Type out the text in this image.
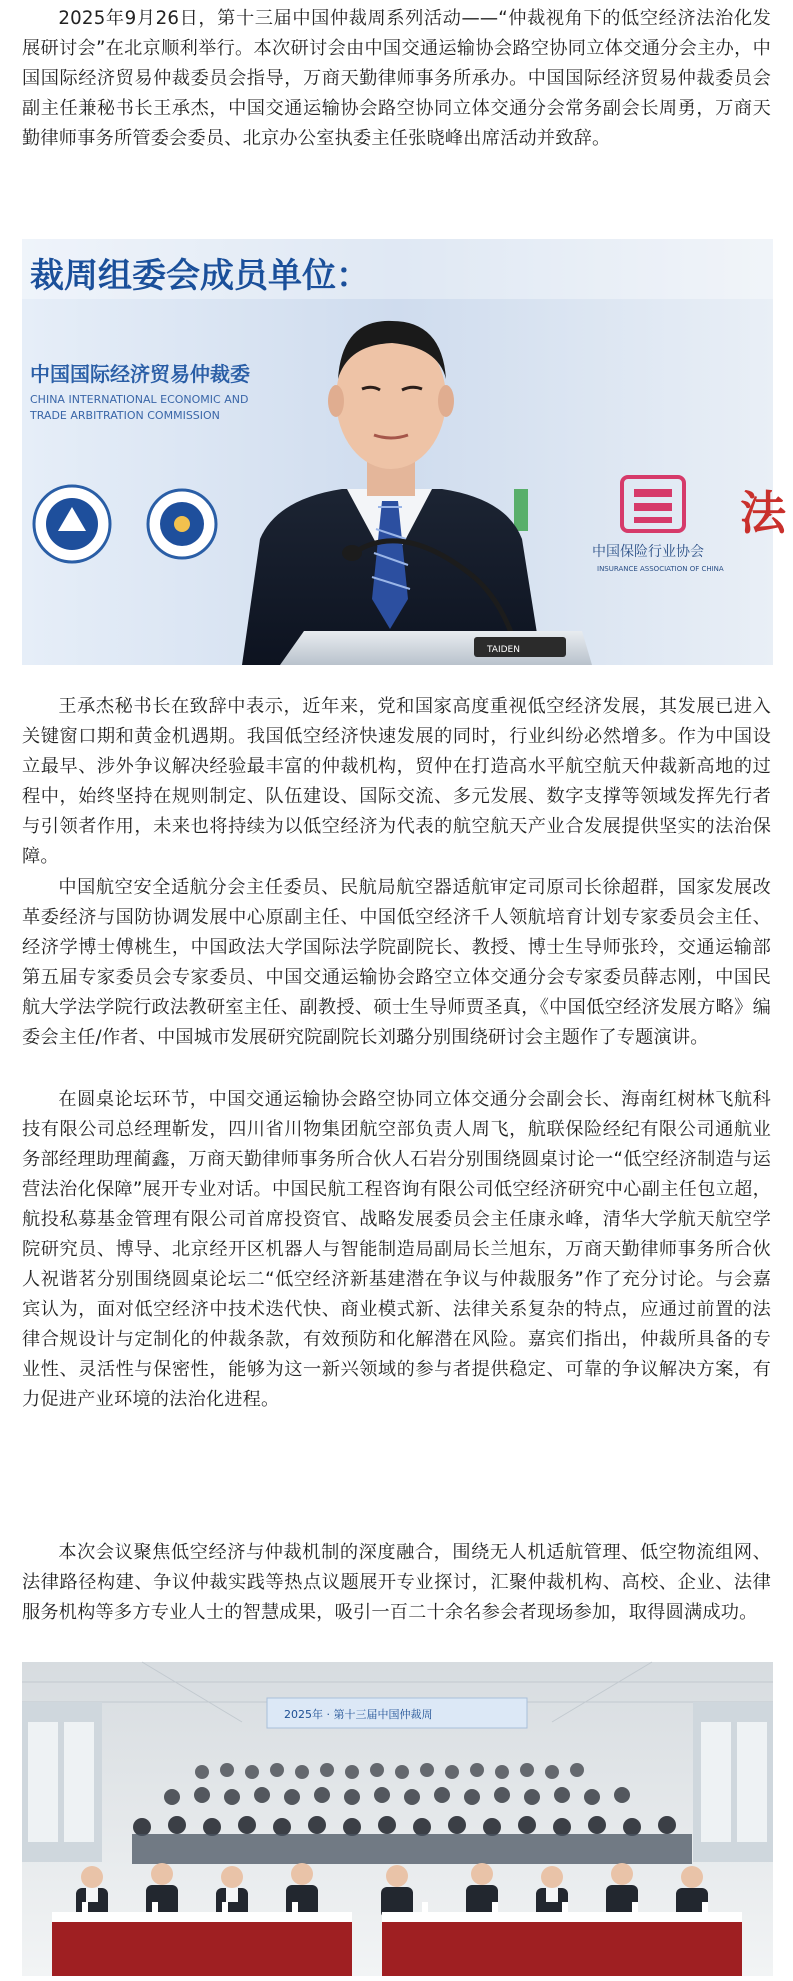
2025年9月26日，第十三届中国仲裁周系列活动——“仲裁视角下的低空经济法治化发展研讨会”在北京顺利举行。本次研讨会由中国交通运输协会路空协同立体交通分会主办，中国国际经济贸易仲裁委员会指导，万商天勤律师事务所承办。中国国际经济贸易仲裁委员会副主任兼秘书长王承杰，中国交通运输协会路空协同立体交通分会常务副会长周勇，万商天勤律师事务所管委会委员、北京办公室执委主任张晓峰出席活动并致辞。

裁周组委会成员单位：
中国国际经济贸易仲裁委
CHINA INTERNATIONAL ECONOMIC AND
TRADE ARBITRATION COMMISSION
中国保险行业协会
INSURANCE ASSOCIATION OF CHINA
法
TAIDEN

王承杰秘书长在致辞中表示，近年来，党和国家高度重视低空经济发展，其发展已进入关键窗口期和黄金机遇期。我国低空经济快速发展的同时，行业纠纷必然增多。作为中国设立最早、涉外争议解决经验最丰富的仲裁机构，贸仲在打造高水平航空航天仲裁新高地的过程中，始终坚持在规则制定、队伍建设、国际交流、多元发展、数字支撑等领域发挥先行者与引领者作用，未来也将持续为以低空经济为代表的航空航天产业合发展提供坚实的法治保障。

中国航空安全适航分会主任委员、民航局航空器适航审定司原司长徐超群，国家发展改革委经济与国防协调发展中心原副主任、中国低空经济千人领航培育计划专家委员会主任、经济学博士傅桃生，中国政法大学国际法学院副院长、教授、博士生导师张玲，交通运输部第五届专家委员会专家委员、中国交通运输协会路空立体交通分会专家委员薛志刚，中国民航大学法学院行政法教研室主任、副教授、硕士生导师贾圣真，《中国低空经济发展方略》编委会主任/作者、中国城市发展研究院副院长刘璐分别围绕研讨会主题作了专题演讲。

在圆桌论坛环节，中国交通运输协会路空协同立体交通分会副会长、海南红树林飞航科技有限公司总经理靳发，四川省川物集团航空部负责人周飞，航联保险经纪有限公司通航业务部经理助理蔺鑫，万商天勤律师事务所合伙人石岩分别围绕圆桌讨论一“低空经济制造与运营法治化保障”展开专业对话。中国民航工程咨询有限公司低空经济研究中心副主任包立超，航投私募基金管理有限公司首席投资官、战略发展委员会主任康永峰，清华大学航天航空学院研究员、博导、北京经开区机器人与智能制造局副局长兰旭东，万商天勤律师事务所合伙人祝谐茗分别围绕圆桌论坛二“低空经济新基建潜在争议与仲裁服务”作了充分讨论。与会嘉宾认为，面对低空经济中技术迭代快、商业模式新、法律关系复杂的特点，应通过前置的法律合规设计与定制化的仲裁条款，有效预防和化解潜在风险。嘉宾们指出，仲裁所具备的专业性、灵活性与保密性，能够为这一新兴领域的参与者提供稳定、可靠的争议解决方案，有力促进产业环境的法治化进程。

本次会议聚焦低空经济与仲裁机制的深度融合，围绕无人机适航管理、低空物流组网、法律路径构建、争议仲裁实践等热点议题展开专业探讨，汇聚仲裁机构、高校、企业、法律服务机构等多方专业人士的智慧成果，吸引一百二十余名参会者现场参加，取得圆满成功。

2025年 · 第十三届中国仲裁周
